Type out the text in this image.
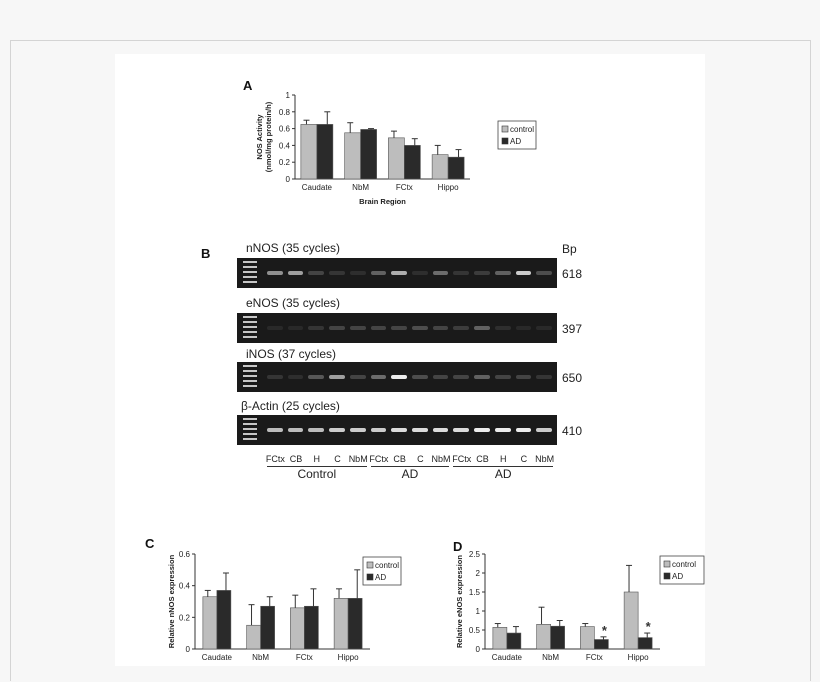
0
0.2
0.4
0.6
0.8
1
Caudate	NbM	FCtx	Hippo
NOS Activity (nmol/mg protein/h)
Brain Region
control
AD
A
B	Bp
nNOS (35 cycles)
618
eNOS (35 cycles)
397
iNOS (37 cycles)
650
β-Actin (25 cycles)
410
FCtx CB	H	C NbM FCtx CB	C NbM FCtx CB	H	C NbM
Control	AD	AD
0
0.2
0.4
0.6
Caudate	NbM	FCtx	Hippo
Relative nNOS expression	control
AD
C
0
0.5
1
1.5
2
2.5
Caudate	NbM	FCtx	Hippo
*	*
Relative eNOS expression	control
AD
D
